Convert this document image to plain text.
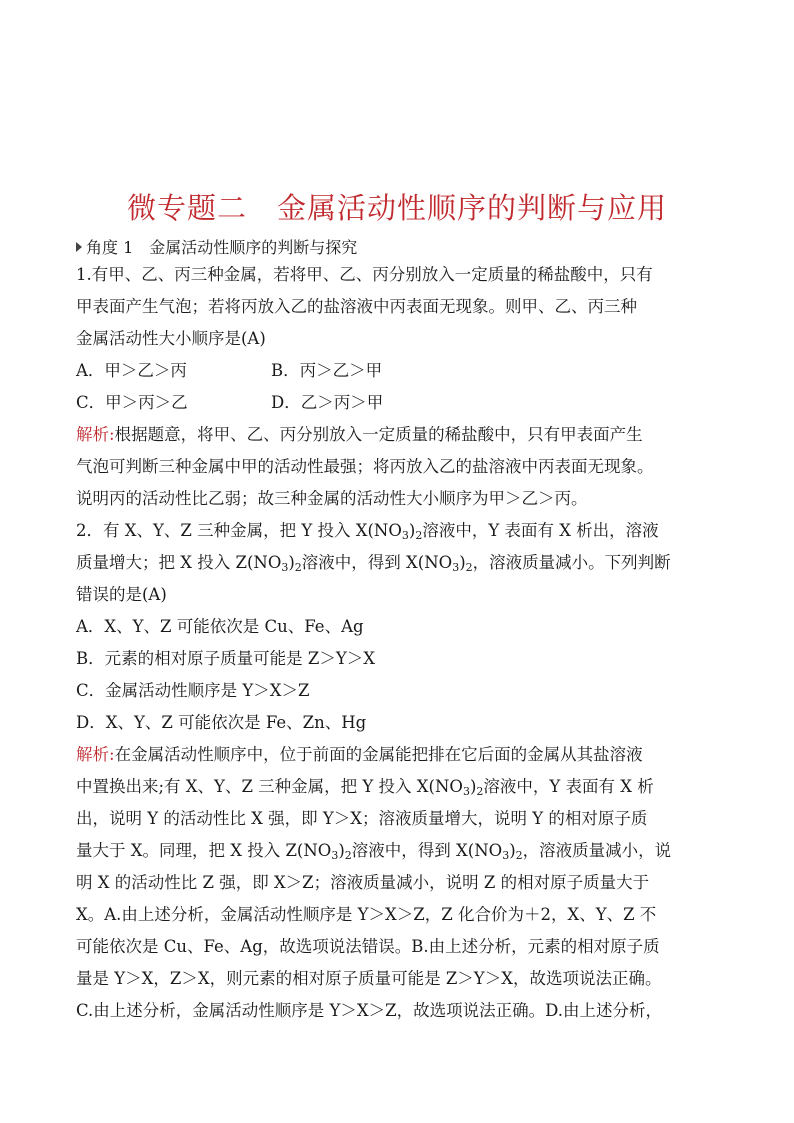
微专题二 金属活动性顺序的判断与应用
角度 1　金属活动性顺序的判断与探究
1.有甲、乙、丙三种金属，若将甲、乙、丙分别放入一定质量的稀盐酸中，只有
甲表面产生气泡；若将丙放入乙的盐溶液中丙表面无现象。则甲、乙、丙三种
金属活动性大小顺序是(A)
A．甲＞乙＞丙	B．丙＞乙＞甲
C．甲＞丙＞乙	D．乙＞丙＞甲
解析:根据题意，将甲、乙、丙分别放入一定质量的稀盐酸中，只有甲表面产生
气泡可判断三种金属中甲的活动性最强；将丙放入乙的盐溶液中丙表面无现象。
说明丙的活动性比乙弱；故三种金属的活动性大小顺序为甲＞乙＞丙。
2．有 X、Y、Z 三种金属，把 Y 投入 $X(NO_3)_2$溶液中，Y 表面有 X 析出，溶液
质量增大；把 X 投入 $Z(NO_3)_2$溶液中，得到 $X(NO_3)_2$，溶液质量减小。下列判断
错误的是(A)
A．X、Y、Z 可能依次是 Cu、Fe、Ag
B．元素的相对原子质量可能是 Z＞Y＞X
C．金属活动性顺序是 Y＞X＞Z
D．X、Y、Z 可能依次是 Fe、Zn、Hg
解析:在金属活动性顺序中，位于前面的金属能把排在它后面的金属从其盐溶液
中置换出来;有 X、Y、Z 三种金属，把 Y 投入 $X(NO_3)_2$溶液中，Y 表面有 X 析
出，说明 Y 的活动性比 X 强，即 Y＞X；溶液质量增大，说明 Y 的相对原子质
量大于 X。同理，把 X 投入 $Z(NO_3)_2$溶液中，得到 $X(NO_3)_2$，溶液质量减小，说
明 X 的活动性比 Z 强，即 X＞Z；溶液质量减小，说明 Z 的相对原子质量大于
X。A.由上述分析，金属活动性顺序是 Y＞X＞Z，Z 化合价为＋2，X、Y、Z 不
可能依次是 Cu、Fe、Ag，故选项说法错误。B.由上述分析，元素的相对原子质
量是 Y＞X，Z＞X，则元素的相对原子质量可能是 Z＞Y＞X，故选项说法正确。
C.由上述分析，金属活动性顺序是 Y＞X＞Z，故选项说法正确。D.由上述分析，
